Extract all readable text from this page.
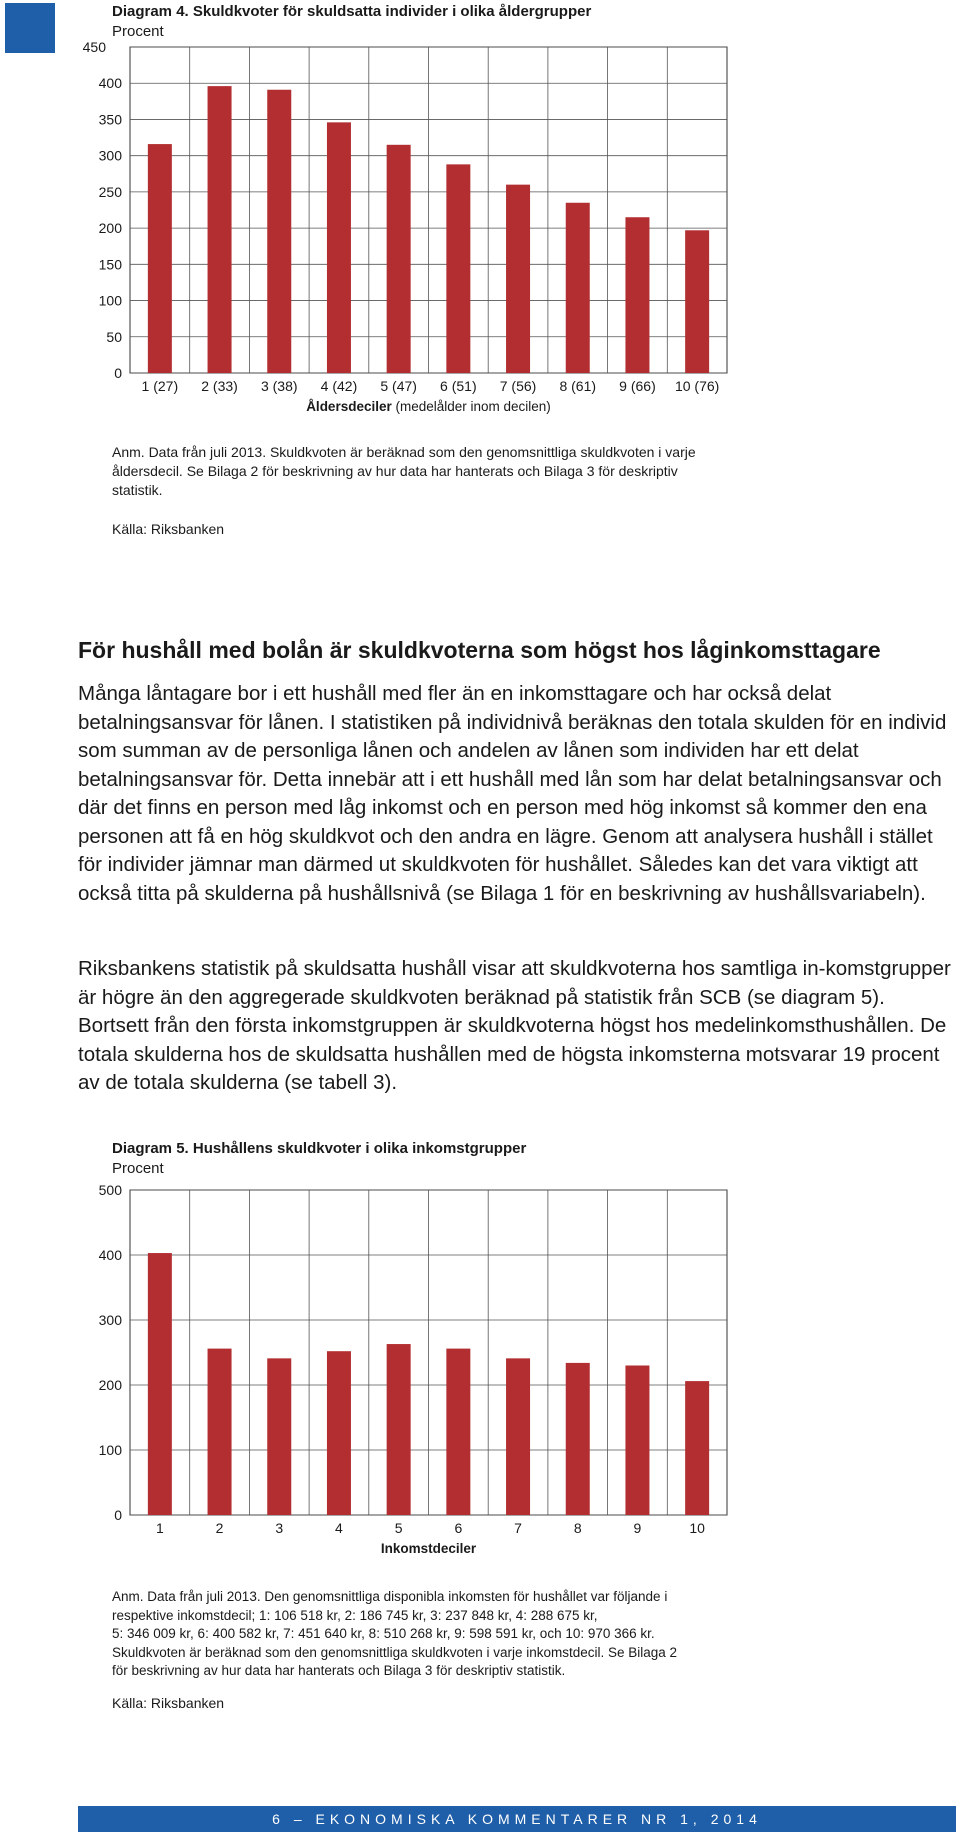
Diagram 4. Skuldkvoter för skuldsatta individer i olika åldergrupper
450
Procent
0
50
100
150
200
250
300
350
400
1 (27) 2 (33) 3 (38) 4 (42) 5 (47) 6 (51) 7 (56) 8 (61) 9 (66) 10 (76)
Åldersdeciler (medelålder inom decilen)
Anm. Data från juli 2013. Skuldkvoten är beräknad som den genomsnittliga skuldkvoten i varje åldersdecil. Se Bilaga 2 för beskrivning av hur data har hanterats och Bilaga 3 för deskriptiv statistik.
Källa: Riksbanken
För hushåll med bolån är skuldkvoterna som högst hos låginkomsttagare

Många låntagare bor i ett hushåll med fler än en inkomsttagare och har också delat betalningsansvar för lånen. I statistiken på individnivå beräknas den totala skulden för en individ som summan av de personliga lånen och andelen av lånen som individen har ett delat betalningsansvar för. Detta innebär att i ett hushåll med lån som har delat betalningsansvar och där det finns en person med låg inkomst och en person med hög inkomst så kommer den ena personen att få en hög skuldkvot och den andra en lägre. Genom att analysera hushåll i stället för individer jämnar man därmed ut skuldkvoten för hushållet. Således kan det vara viktigt att också titta på skulderna på hushållsnivå (se Bilaga 1 för en beskrivning av hushållsvariabeln).

Riksbankens statistik på skuldsatta hushåll visar att skuldkvoterna hos samtliga in-komstgrupper är högre än den aggregerade skuldkvoten beräknad på statistik från SCB (se diagram 5). Bortsett från den första inkomstgruppen är skuldkvoterna högst hos medelinkomsthushållen. De totala skulderna hos de skuldsatta hushållen med de högsta inkomsterna motsvarar 19 procent av de totala skulderna (se tabell 3).

Diagram 5. Hushållens skuldkvoter i olika inkomstgrupper
Procent
0
100
200
300
400
500
1	2	3	4	5	6	7	8	9	10
Inkomstdeciler

Anm. Data från juli 2013. Den genomsnittliga disponibla inkomsten för hushållet var följande i

respektive inkomstdecil; 1: 106 518 kr, 2: 186 745 kr, 3: 237 848 kr, 4: 288 675 kr,

5: 346 009 kr, 6: 400 582 kr, 7: 451 640 kr, 8: 510 268 kr, 9: 598 591 kr, och 10: 970 366 kr.

Skuldkvoten är beräknad som den genomsnittliga skuldkvoten i varje inkomstdecil. Se Bilaga 2

för beskrivning av hur data har hanterats och Bilaga 3 för deskriptiv statistik.

Källa: Riksbanken
6 – EKONOMISKA KOMMENTARER NR 1, 2014
